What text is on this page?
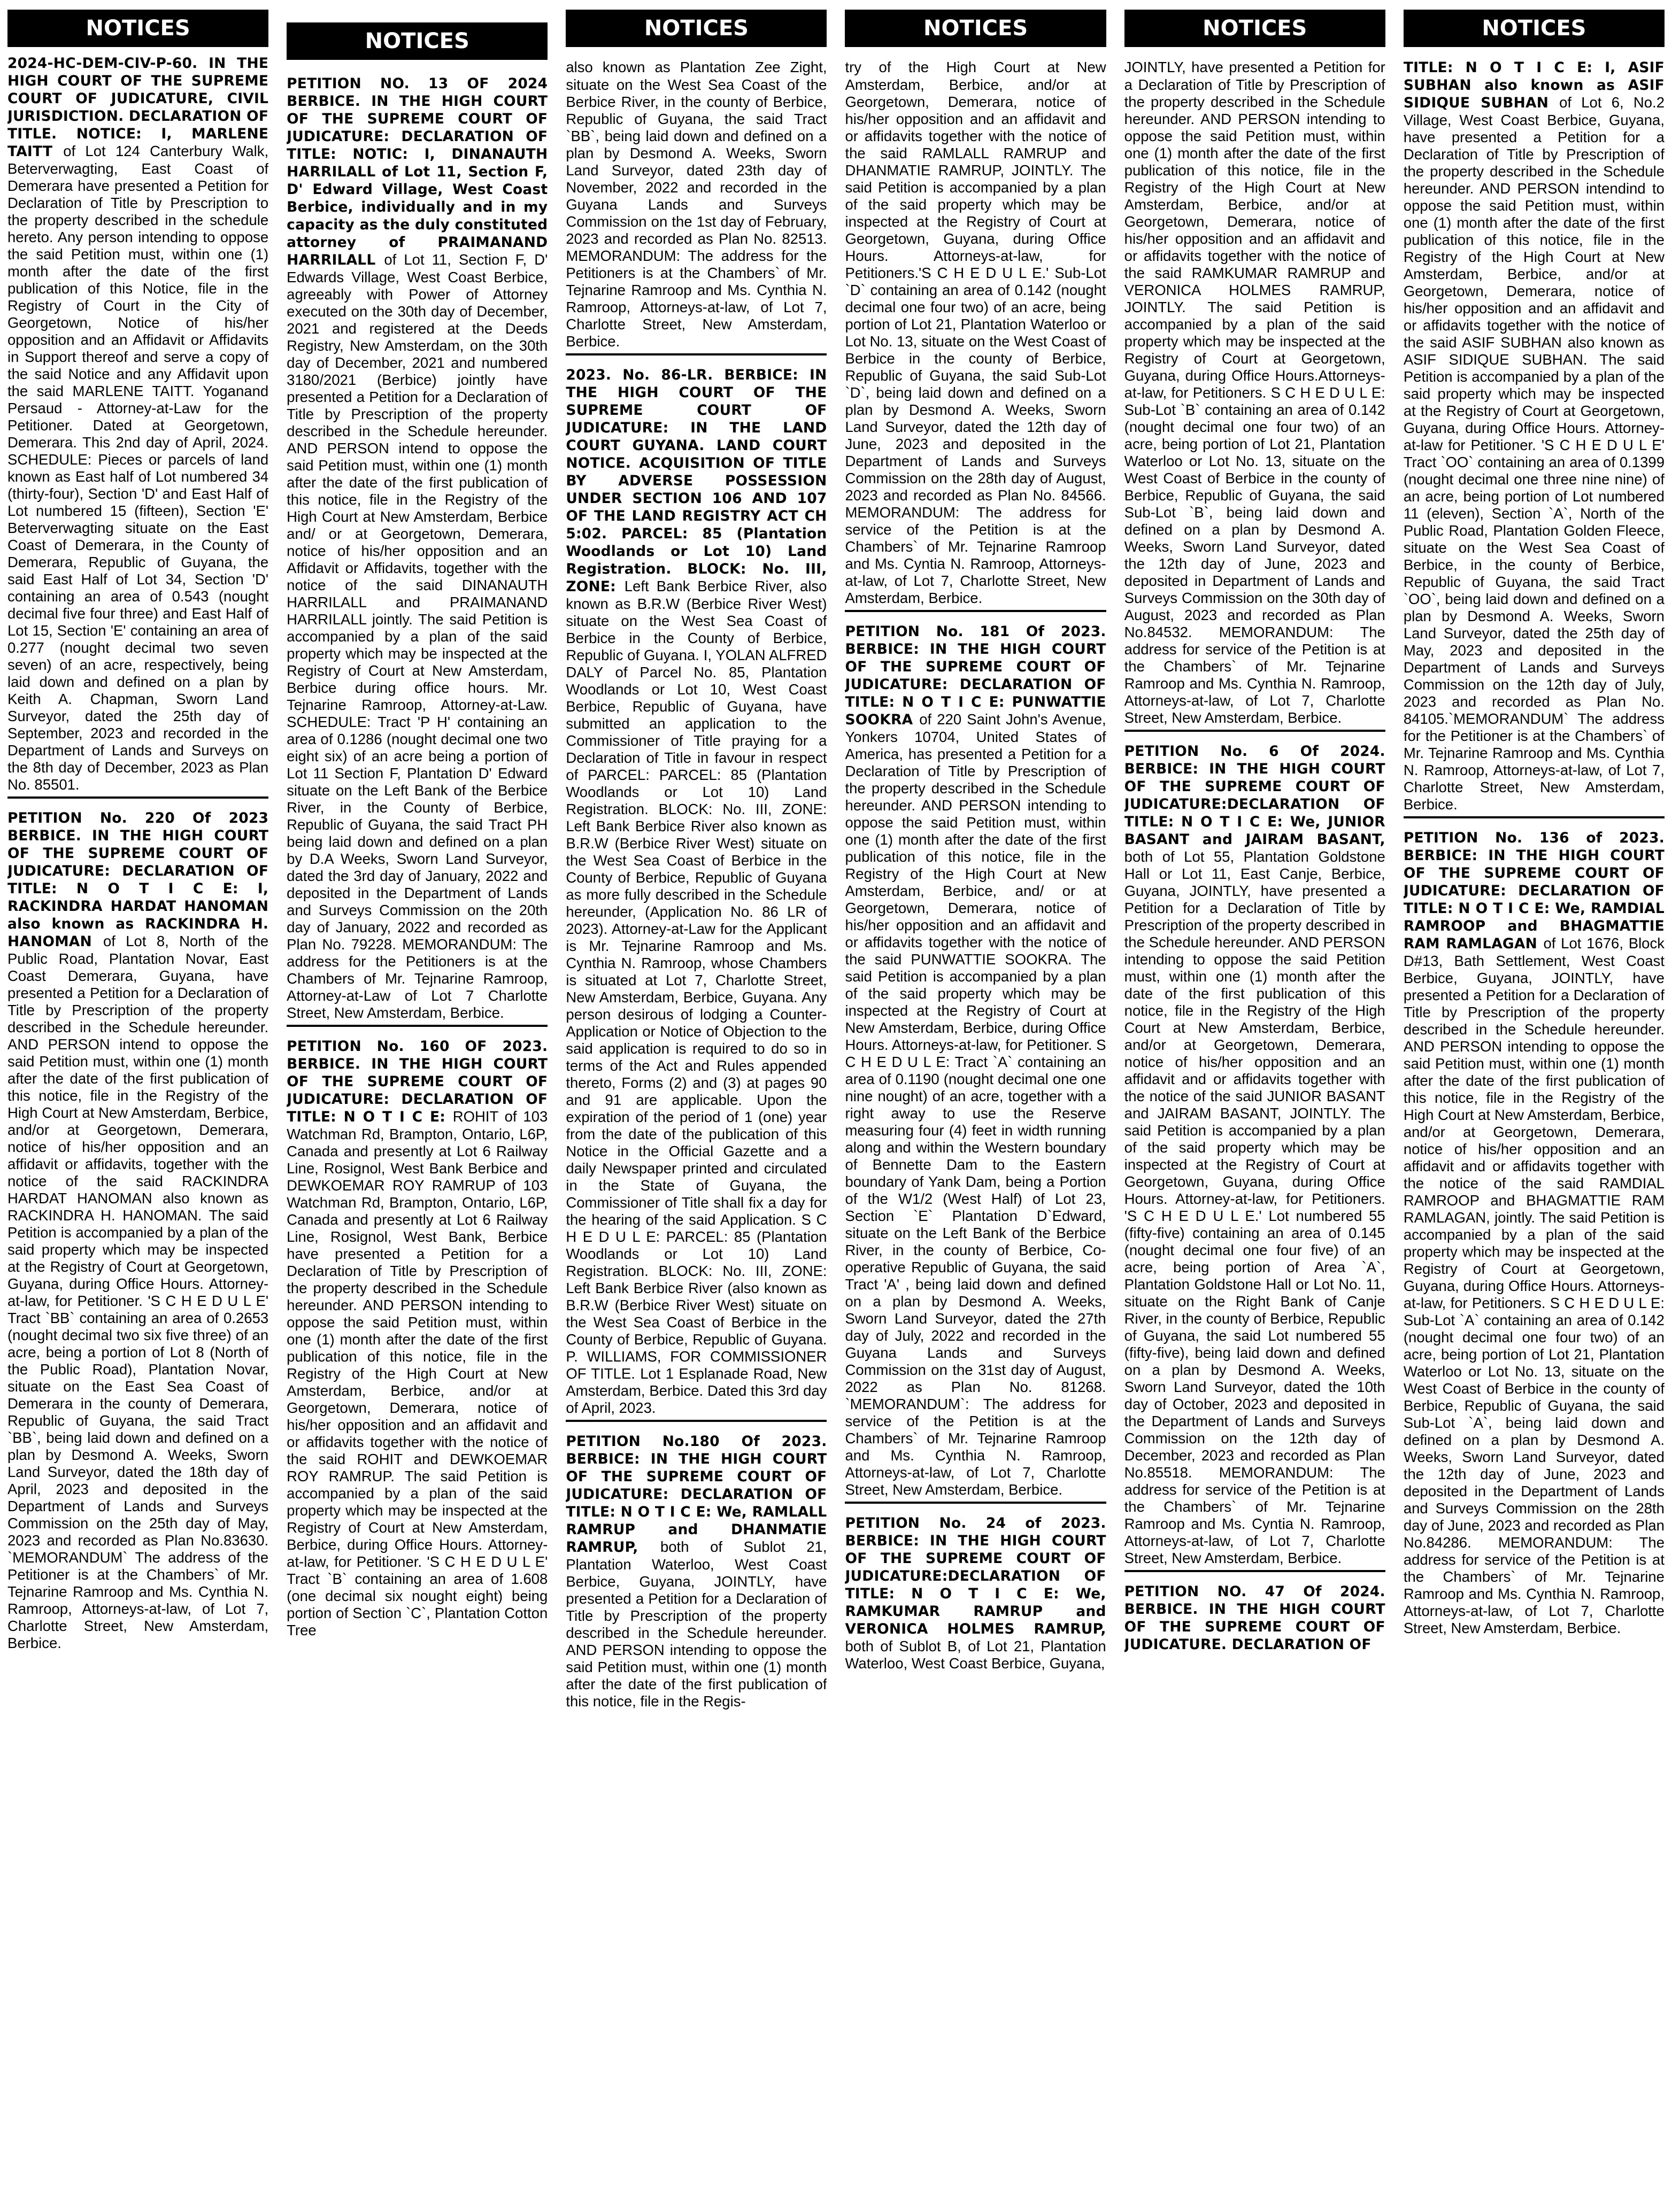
NOTICES
2024-HC-DEM-CIV-P-60. IN THE HIGH COURT OF THE SUPREME COURT OF JUDICATURE, CIVIL JURISDICTION. DECLARATION OF TITLE. NOTICE: I, MARLENE TAITT of Lot 124 Canterbury Walk, Beterverwagting, East Coast of Demerara have presented a Petition for Declaration of Title by Prescription to the property described in the schedule hereto. Any person intending to oppose the said Petition must, within one (1) month after the date of the first publication of this Notice, file in the Registry of Court in the City of Georgetown, Notice of his/her opposition and an Affidavit or Affidavits in Support thereof and serve a copy of the said Notice and any Affidavit upon the said MARLENE TAITT. Yoganand Persaud - Attorney-at-Law for the Petitioner. Dated at Georgetown, Demerara. This 2nd day of April, 2024. SCHEDULE: Pieces or parcels of land known as East half of Lot numbered 34 (thirty-four), Section 'D' and East Half of Lot numbered 15 (fifteen), Section 'E' Beterverwagting situate on the East Coast of Demerara, in the County of Demerara, Republic of Guyana, the said East Half of Lot 34, Section 'D' containing an area of 0.543 (nought decimal five four three) and East Half of Lot 15, Section 'E' containing an area of 0.277 (nought decimal two seven seven) of an acre, respectively, being laid down and defined on a plan by Keith A. Chapman, Sworn Land Surveyor, dated the 25th day of September, 2023 and recorded in the Department of Lands and Surveys on the 8th day of December, 2023 as Plan No. 85501.
PETITION No. 220 Of 2023 BERBICE. IN THE HIGH COURT OF THE SUPREME COURT OF JUDICATURE: DECLARATION OF TITLE: N O T I C E: I, RACKINDRA HARDAT HANOMAN also known as RACKINDRA H. HANOMAN of Lot 8, North of the Public Road, Plantation Novar, East Coast Demerara, Guyana, have presented a Petition for a Declaration of Title by Prescription of the property described in the Schedule hereunder. AND PERSON intend to oppose the said Petition must, within one (1) month after the date of the first publication of this notice, file in the Registry of the High Court at New Amsterdam, Berbice, and/or at Georgetown, Demerara, notice of his/her opposition and an affidavit or affidavits, together with the notice of the said RACKINDRA HARDAT HANOMAN also known as RACKINDRA H. HANOMAN. The said Petition is accompanied by a plan of the said property which may be inspected at the Registry of Court at Georgetown, Guyana, during Office Hours. Attorney-at-law, for Petitioner. 'S C H E D U L E' Tract `BB` containing an area of 0.2653 (nought decimal two six five three) of an acre, being a portion of Lot 8 (North of the Public Road), Plantation Novar, situate on the East Sea Coast of Demerara in the county of Demerara, Republic of Guyana, the said Tract `BB`, being laid down and defined on a plan by Desmond A. Weeks, Sworn Land Surveyor, dated the 18th day of April, 2023 and deposited in the Department of Lands and Surveys Commission on the 25th day of May, 2023 and recorded as Plan No.83630. `MEMORANDUM` The address of the Petitioner is at the Chambers` of Mr. Tejnarine Ramroop and Ms. Cynthia N. Ramroop, Attorneys-at-law, of Lot 7, Charlotte Street, New Amsterdam, Berbice.
NOTICES
PETITION NO. 13 OF 2024 BERBICE. IN THE HIGH COURT OF THE SUPREME COURT OF JUDICATURE: DECLARATION OF TITLE: NOTIC: I, DINANAUTH HARRILALL of Lot 11, Section F, D' Edward Village, West Coast Berbice, individually and in my capacity as the duly constituted attorney of PRAIMANAND HARRILALL of Lot 11, Section F, D' Edwards Village, West Coast Berbice, agreeably with Power of Attorney executed on the 30th day of December, 2021 and registered at the Deeds Registry, New Amsterdam, on the 30th day of December, 2021 and numbered 3180/2021 (Berbice) jointly have presented a Petition for a Declaration of Title by Prescription of the property described in the Schedule hereunder. AND PERSON intend to oppose the said Petition must, within one (1) month after the date of the first publication of this notice, file in the Registry of the High Court at New Amsterdam, Berbice and/ or at Georgetown, Demerara, notice of his/her opposition and an Affidavit or Affidavits, together with the notice of the said DINANAUTH HARRILALL and PRAIMANAND HARRILALL jointly. The said Petition is accompanied by a plan of the said property which may be inspected at the Registry of Court at New Amsterdam, Berbice during office hours. Mr. Tejnarine Ramroop, Attorney-at-Law. SCHEDULE: Tract 'P H' containing an area of 0.1286 (nought decimal one two eight six) of an acre being a portion of Lot 11 Section F, Plantation D' Edward situate on the Left Bank of the Berbice River, in the County of Berbice, Republic of Guyana, the said Tract PH being laid down and defined on a plan by D.A Weeks, Sworn Land Surveyor, dated the 3rd day of January, 2022 and deposited in the Department of Lands and Surveys Commission on the 20th day of January, 2022 and recorded as Plan No. 79228. MEMORANDUM: The address for the Petitioners is at the Chambers of Mr. Tejnarine Ramroop, Attorney-at-Law of Lot 7 Charlotte Street, New Amsterdam, Berbice.
PETITION No. 160 OF 2023. BERBICE. IN THE HIGH COURT OF THE SUPREME COURT OF JUDICATURE: DECLARATION OF TITLE: N O T I C E: ROHIT of 103 Watchman Rd, Brampton, Ontario, L6P, Canada and presently at Lot 6 Railway Line, Rosignol, West Bank Berbice and DEWKOEMAR ROY RAMRUP of 103 Watchman Rd, Brampton, Ontario, L6P, Canada and presently at Lot 6 Railway Line, Rosignol, West Bank, Berbice have presented a Petition for a Declaration of Title by Prescription of the property described in the Schedule hereunder. AND PERSON intending to oppose the said Petition must, within one (1) month after the date of the first publication of this notice, file in the Registry of the High Court at New Amsterdam, Berbice, and/or at Georgetown, Demerara, notice of his/her opposition and an affidavit and or affidavits together with the notice of the said ROHIT and DEWKOEMAR ROY RAMRUP. The said Petition is accompanied by a plan of the said property which may be inspected at the Registry of Court at New Amsterdam, Berbice, during Office Hours. Attorney-at-law, for Petitioner. 'S C H E D U L E' Tract `B` containing an area of 1.608 (one decimal six nought eight) being portion of Section `C`, Plantation Cotton Tree
NOTICES
also known as Plantation Zee Zight, situate on the West Sea Coast of the Berbice River, in the county of Berbice, Republic of Guyana, the said Tract `BB`, being laid down and defined on a plan by Desmond A. Weeks, Sworn Land Surveyor, dated 23th day of November, 2022 and recorded in the Guyana Lands and Surveys Commission on the 1st day of February, 2023 and recorded as Plan No. 82513. MEMORANDUM: The address for the Petitioners is at the Chambers` of Mr. Tejnarine Ramroop and Ms. Cynthia N. Ramroop, Attorneys-at-law, of Lot 7, Charlotte Street, New Amsterdam, Berbice.
2023. No. 86-LR. BERBICE: IN THE HIGH COURT OF THE SUPREME COURT OF JUDICATURE: IN THE LAND COURT GUYANA. LAND COURT NOTICE. ACQUISITION OF TITLE BY ADVERSE POSSESSION UNDER SECTION 106 AND 107 OF THE LAND REGISTRY ACT CH 5:02. PARCEL: 85 (Plantation Woodlands or Lot 10) Land Registration. BLOCK: No. III, ZONE: Left Bank Berbice River, also known as B.R.W (Berbice River West) situate on the West Sea Coast of Berbice in the County of Berbice, Republic of Guyana. I, YOLAN ALFRED DALY of Parcel No. 85, Plantation Woodlands or Lot 10, West Coast Berbice, Republic of Guyana, have submitted an application to the Commissioner of Title praying for a Declaration of Title in favour in respect of PARCEL: PARCEL: 85 (Plantation Woodlands or Lot 10) Land Registration. BLOCK: No. III, ZONE: Left Bank Berbice River also known as B.R.W (Berbice River West) situate on the West Sea Coast of Berbice in the County of Berbice, Republic of Guyana as more fully described in the Schedule hereunder, (Application No. 86 LR of 2023). Attorney-at-Law for the Applicant is Mr. Tejnarine Ramroop and Ms. Cynthia N. Ramroop, whose Chambers is situated at Lot 7, Charlotte Street, New Amsterdam, Berbice, Guyana. Any person desirous of lodging a Counter-Application or Notice of Objection to the said application is required to do so in terms of the Act and Rules appended thereto, Forms (2) and (3) at pages 90 and 91 are applicable. Upon the expiration of the period of 1 (one) year from the date of the publication of this Notice in the Official Gazette and a daily Newspaper printed and circulated in the State of Guyana, the Commissioner of Title shall fix a day for the hearing of the said Application. S C H E D U L E: PARCEL: 85 (Plantation Woodlands or Lot 10) Land Registration. BLOCK: No. III, ZONE: Left Bank Berbice River (also known as B.R.W (Berbice River West) situate on the West Sea Coast of Berbice in the County of Berbice, Republic of Guyana. P. WILLIAMS, FOR COMMISSIONER OF TITLE. Lot 1 Esplanade Road, New Amsterdam, Berbice. Dated this 3rd day of April, 2023.
PETITION No.180 Of 2023. BERBICE: IN THE HIGH COURT OF THE SUPREME COURT OF JUDICATURE: DECLARATION OF TITLE: N O T I C E: We, RAMLALL RAMRUP and DHANMATIE RAMRUP, both of Sublot 21, Plantation Waterloo, West Coast Berbice, Guyana, JOINTLY, have presented a Petition for a Declaration of Title by Prescription of the property described in the Schedule hereunder. AND PERSON intending to oppose the said Petition must, within one (1) month after the date of the first publication of this notice, file in the Regis-
NOTICES
try of the High Court at New Amsterdam, Berbice, and/or at Georgetown, Demerara, notice of his/her opposition and an affidavit and or affidavits together with the notice of the said RAMLALL RAMRUP and DHANMATIE RAMRUP, JOINTLY. The said Petition is accompanied by a plan of the said property which may be inspected at the Registry of Court at Georgetown, Guyana, during Office Hours. Attorneys-at-law, for Petitioners.'S C H E D U L E.' Sub-Lot `D` containing an area of 0.142 (nought decimal one four two) of an acre, being portion of Lot 21, Plantation Waterloo or Lot No. 13, situate on the West Coast of Berbice in the county of Berbice, Republic of Guyana, the said Sub-Lot `D`, being laid down and defined on a plan by Desmond A. Weeks, Sworn Land Surveyor, dated the 12th day of June, 2023 and deposited in the Department of Lands and Surveys Commission on the 28th day of August, 2023 and recorded as Plan No. 84566. MEMORANDUM: The address for service of the Petition is at the Chambers` of Mr. Tejnarine Ramroop and Ms. Cyntia N. Ramroop, Attorneys-at-law, of Lot 7, Charlotte Street, New Amsterdam, Berbice.
PETITION No. 181 Of 2023. BERBICE: IN THE HIGH COURT OF THE SUPREME COURT OF JUDICATURE: DECLARATION OF TITLE: N O T I C E: PUNWATTIE SOOKRA of 220 Saint John's Avenue, Yonkers 10704, United States of America, has presented a Petition for a Declaration of Title by Prescription of the property described in the Schedule hereunder. AND PERSON intending to oppose the said Petition must, within one (1) month after the date of the first publication of this notice, file in the Registry of the High Court at New Amsterdam, Berbice, and/ or at Georgetown, Demerara, notice of his/her opposition and an affidavit and or affidavits together with the notice of the said PUNWATTIE SOOKRA. The said Petition is accompanied by a plan of the said property which may be inspected at the Registry of Court at New Amsterdam, Berbice, during Office Hours. Attorneys-at-law, for Petitioner. S C H E D U L E: Tract `A` containing an area of 0.1190 (nought decimal one one nine nought) of an acre, together with a right away to use the Reserve measuring four (4) feet in width running along and within the Western boundary of Bennette Dam to the Eastern boundary of Yank Dam, being a Portion of the W1/2 (West Half) of Lot 23, Section `E` Plantation D`Edward, situate on the Left Bank of the Berbice River, in the county of Berbice, Co-operative Republic of Guyana, the said Tract 'A' , being laid down and defined on a plan by Desmond A. Weeks, Sworn Land Surveyor, dated the 27th day of July, 2022 and recorded in the Guyana Lands and Surveys Commission on the 31st day of August, 2022 as Plan No. 81268. `MEMORANDUM`: The address for service of the Petition is at the Chambers` of Mr. Tejnarine Ramroop and Ms. Cynthia N. Ramroop, Attorneys-at-law, of Lot 7, Charlotte Street, New Amsterdam, Berbice.
PETITION No. 24 of 2023. BERBICE: IN THE HIGH COURT OF THE SUPREME COURT OF JUDICATURE:DECLARATION OF TITLE: N O T I C E: We, RAMKUMAR RAMRUP and VERONICA HOLMES RAMRUP, both of Sublot B, of Lot 21, Plantation Waterloo, West Coast Berbice, Guyana,
NOTICES
JOINTLY, have presented a Petition for a Declaration of Title by Prescription of the property described in the Schedule hereunder. AND PERSON intending to oppose the said Petition must, within one (1) month after the date of the first publication of this notice, file in the Registry of the High Court at New Amsterdam, Berbice, and/or at Georgetown, Demerara, notice of his/her opposition and an affidavit and or affidavits together with the notice of the said RAMKUMAR RAMRUP and VERONICA HOLMES RAMRUP, JOINTLY. The said Petition is accompanied by a plan of the said property which may be inspected at the Registry of Court at Georgetown, Guyana, during Office Hours.Attorneys-at-law, for Petitioners. S C H E D U L E: Sub-Lot `B` containing an area of 0.142 (nought decimal one four two) of an acre, being portion of Lot 21, Plantation Waterloo or Lot No. 13, situate on the West Coast of Berbice in the county of Berbice, Republic of Guyana, the said Sub-Lot `B`, being laid down and defined on a plan by Desmond A. Weeks, Sworn Land Surveyor, dated the 12th day of June, 2023 and deposited in Department of Lands and Surveys Commission on the 30th day of August, 2023 and recorded as Plan No.84532. MEMORANDUM: The address for service of the Petition is at the Chambers` of Mr. Tejnarine Ramroop and Ms. Cynthia N. Ramroop, Attorneys-at-law, of Lot 7, Charlotte Street, New Amsterdam, Berbice.
PETITION No. 6 Of 2024. BERBICE: IN THE HIGH COURT OF THE SUPREME COURT OF JUDICATURE:DECLARATION OF TITLE: N O T I C E: We, JUNIOR BASANT and JAIRAM BASANT, both of Lot 55, Plantation Goldstone Hall or Lot 11, East Canje, Berbice, Guyana, JOINTLY, have presented a Petition for a Declaration of Title by Prescription of the property described in the Schedule hereunder. AND PERSON intending to oppose the said Petition must, within one (1) month after the date of the first publication of this notice, file in the Registry of the High Court at New Amsterdam, Berbice, and/or at Georgetown, Demerara, notice of his/her opposition and an affidavit and or affidavits together with the notice of the said JUNIOR BASANT and JAIRAM BASANT, JOINTLY. The said Petition is accompanied by a plan of the said property which may be inspected at the Registry of Court at Georgetown, Guyana, during Office Hours. Attorney-at-law, for Petitioners. 'S C H E D U L E.' Lot numbered 55 (fifty-five) containing an area of 0.145 (nought decimal one four five) of an acre, being portion of Area `A`, Plantation Goldstone Hall or Lot No. 11, situate on the Right Bank of Canje River, in the county of Berbice, Republic of Guyana, the said Lot numbered 55 (fifty-five), being laid down and defined on a plan by Desmond A. Weeks, Sworn Land Surveyor, dated the 10th day of October, 2023 and deposited in the Department of Lands and Surveys Commission on the 12th day of December, 2023 and recorded as Plan No.85518. MEMORANDUM: The address for service of the Petition is at the Chambers` of Mr. Tejnarine Ramroop and Ms. Cyntia N. Ramroop, Attorneys-at-law, of Lot 7, Charlotte Street, New Amsterdam, Berbice.
PETITION NO. 47 Of 2024. BERBICE. IN THE HIGH COURT OF THE SUPREME COURT OF JUDICATURE. DECLARATION OF
NOTICES
TITLE: N O T I C E: I, ASIF SUBHAN also known as ASIF SIDIQUE SUBHAN of Lot 6, No.2 Village, West Coast Berbice, Guyana, have presented a Petition for a Declaration of Title by Prescription of the property described in the Schedule hereunder. AND PERSON intendind to oppose the said Petition must, within one (1) month after the date of the first publication of this notice, file in the Registry of the High Court at New Amsterdam, Berbice, and/or at Georgetown, Demerara, notice of his/her opposition and an affidavit and or affidavits together with the notice of the said ASIF SUBHAN also known as ASIF SIDIQUE SUBHAN. The said Petition is accompanied by a plan of the said property which may be inspected at the Registry of Court at Georgetown, Guyana, during Office Hours. Attorney-at-law for Petitioner. 'S C H E D U L E' Tract `OO` containing an area of 0.1399 (nought decimal one three nine nine) of an acre, being portion of Lot numbered 11 (eleven), Section `A`, North of the Public Road, Plantation Golden Fleece, situate on the West Sea Coast of Berbice, in the county of Berbice, Republic of Guyana, the said Tract `OO`, being laid down and defined on a plan by Desmond A. Weeks, Sworn Land Surveyor, dated the 25th day of May, 2023 and deposited in the Department of Lands and Surveys Commission on the 12th day of July, 2023 and recorded as Plan No. 84105.`MEMORANDUM` The address for the Petitioner is at the Chambers` of Mr. Tejnarine Ramroop and Ms. Cynthia N. Ramroop, Attorneys-at-law, of Lot 7, Charlotte Street, New Amsterdam, Berbice.
PETITION No. 136 of 2023. BERBICE: IN THE HIGH COURT OF THE SUPREME COURT OF JUDICATURE: DECLARATION OF TITLE: N O T I C E: We, RAMDIAL RAMROOP and BHAGMATTIE RAM RAMLAGAN of Lot 1676, Block D#13, Bath Settlement, West Coast Berbice, Guyana, JOINTLY, have presented a Petition for a Declaration of Title by Prescription of the property described in the Schedule hereunder. AND PERSON intending to oppose the said Petition must, within one (1) month after the date of the first publication of this notice, file in the Registry of the High Court at New Amsterdam, Berbice, and/or at Georgetown, Demerara, notice of his/her opposition and an affidavit and or affidavits together with the notice of the said RAMDIAL RAMROOP and BHAGMATTIE RAM RAMLAGAN, jointly. The said Petition is accompanied by a plan of the said property which may be inspected at the Registry of Court at Georgetown, Guyana, during Office Hours. Attorneys-at-law, for Petitioners. S C H E D U L E: Sub-Lot `A` containing an area of 0.142 (nought decimal one four two) of an acre, being portion of Lot 21, Plantation Waterloo or Lot No. 13, situate on the West Coast of Berbice in the county of Berbice, Republic of Guyana, the said Sub-Lot `A`, being laid down and defined on a plan by Desmond A. Weeks, Sworn Land Surveyor, dated the 12th day of June, 2023 and deposited in the Department of Lands and Surveys Commission on the 28th day of June, 2023 and recorded as Plan No.84286. MEMORANDUM: The address for service of the Petition is at the Chambers` of Mr. Tejnarine Ramroop and Ms. Cynthia N. Ramroop, Attorneys-at-law, of Lot 7, Charlotte Street, New Amsterdam, Berbice.
